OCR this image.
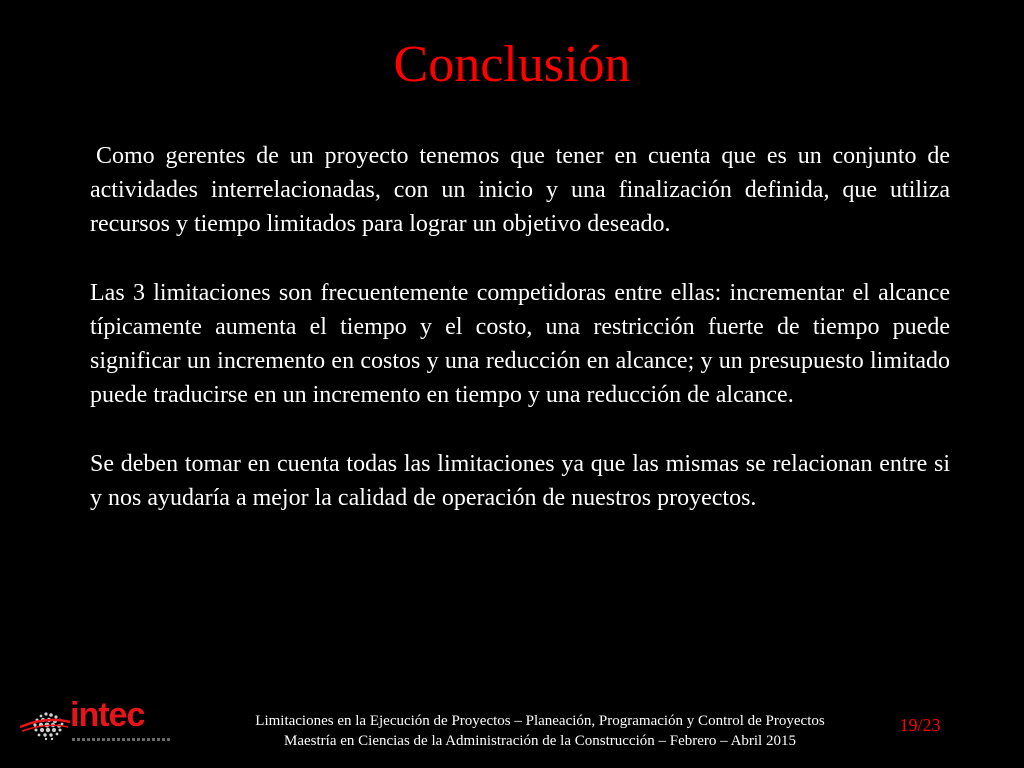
Conclusión

Como gerentes de un proyecto tenemos que tener en cuenta que es un conjunto de actividades interrelacionadas, con un inicio y una finalización definida, que utiliza recursos y tiempo limitados para lograr un objetivo deseado.

Las 3 limitaciones son frecuentemente competidoras entre ellas: incrementar el alcance típicamente aumenta el tiempo y el costo, una restricción fuerte de tiempo puede significar un incremento en costos y una reducción en alcance; y un presupuesto limitado puede traducirse en un incremento en tiempo y una reducción de alcance.

Se deben tomar en cuenta todas las limitaciones ya que las mismas se relacionan entre si y nos ayudaría a mejor la calidad de operación de nuestros proyectos.

intec	Limitaciones en la Ejecución de Proyectos – Planeación, Programación y Control de Proyectos
Maestría en Ciencias de la Administración de la Construcción – Febrero – Abril 2015
19/23
